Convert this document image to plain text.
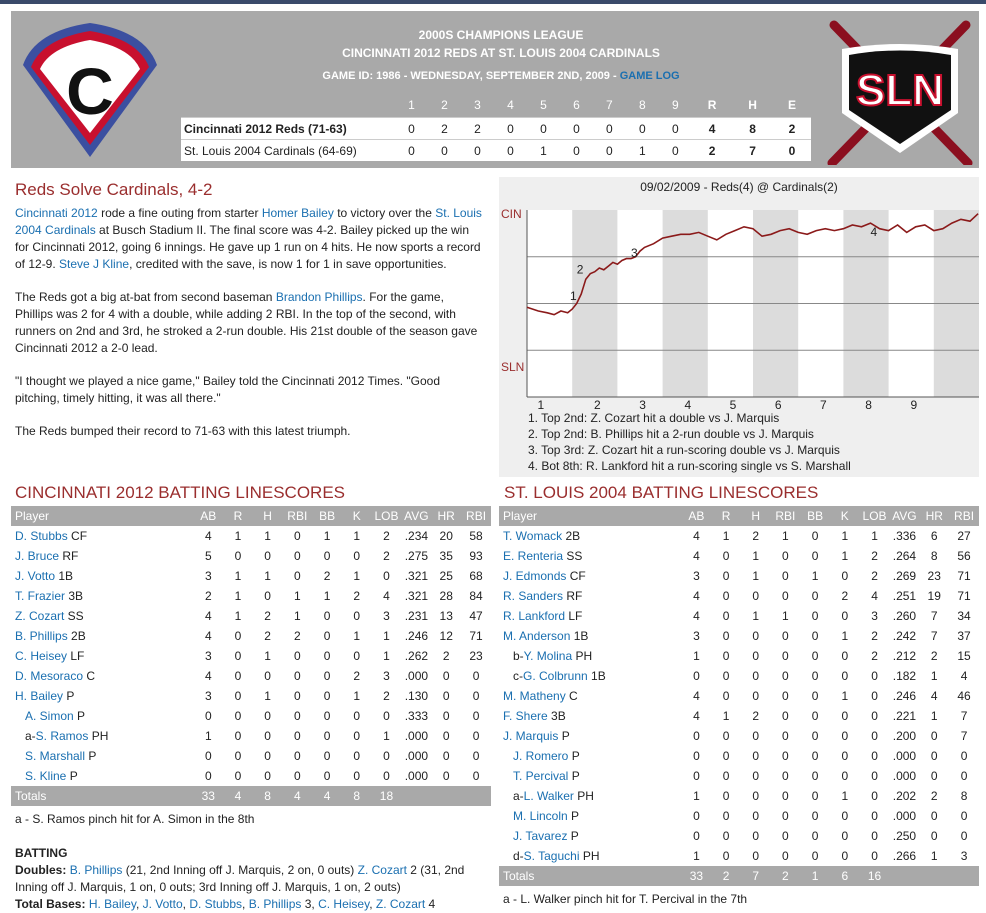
C
2000S CHAMPIONS LEAGUE
CINCINNATI 2012 REDS AT ST. LOUIS 2004 CARDINALS
GAME ID: 1986 - WEDNESDAY, SEPTEMBER 2ND, 2009 - GAME LOG
	1	2	3	4	5	6	7	8	9	R	H	E
Cincinnati 2012 Reds (71-63)	0	2	2	0	0	0	0	0	0	4	8	2
St. Louis 2004 Cardinals (64-69)	0	0	0	0	1	0	0	1	0	2	7	0
SLN
Reds Solve Cardinals, 4-2

Cincinnati 2012 rode a fine outing from starter Homer Bailey to victory over the St. Louis 2004 Cardinals at Busch Stadium II. The final score was 4-2. Bailey picked up the win for Cincinnati 2012, going 6 innings. He gave up 1 run on 4 hits. He now sports a record of 12-9. Steve J Kline, credited with the save, is now 1 for 1 in save opportunities.

The Reds got a big at-bat from second baseman Brandon Phillips. For the game, Phillips was 2 for 4 with a double, while adding 2 RBI. In the top of the second, with runners on 2nd and 3rd, he stroked a 2-run double. His 21st double of the season gave Cincinnati 2012 a 2-0 lead.

"I thought we played a nice game," Bailey told the Cincinnati 2012 Times. "Good pitching, timely hitting, it was all there."

The Reds bumped their record to 71-63 with this latest triumph.

09/02/2009 - Reds(4) @ Cardinals(2)
CIN
SLN
1	2	3	4	5	6	7	8	9
1
2
3
4
1. Top 2nd: Z. Cozart hit a double vs J. Marquis
2. Top 2nd: B. Phillips hit a 2-run double vs J. Marquis
3. Top 3rd: Z. Cozart hit a run-scoring double vs J. Marquis
4. Bot 8th: R. Lankford hit a run-scoring single vs S. Marshall
CINCINNATI 2012 BATTING LINESCORES
Player	AB	R	H	RBI	BB	K	LOB	AVG	HR	RBI
D. Stubbs CF	4	1	1	0	1	1	2	.234	20	58
J. Bruce RF	5	0	0	0	0	0	2	.275	35	93
J. Votto 1B	3	1	1	0	2	1	0	.321	25	68
T. Frazier 3B	2	1	0	1	1	2	4	.321	28	84
Z. Cozart SS	4	1	2	1	0	0	3	.231	13	47
B. Phillips 2B	4	0	2	2	0	1	1	.246	12	71
C. Heisey LF	3	0	1	0	0	0	1	.262	2	23
D. Mesoraco C	4	0	0	0	0	2	3	.000	0	0
H. Bailey P	3	0	1	0	0	1	2	.130	0	0
A. Simon P	0	0	0	0	0	0	0	.333	0	0
a-S. Ramos PH	1	0	0	0	0	0	1	.000	0	0
S. Marshall P	0	0	0	0	0	0	0	.000	0	0
S. Kline P	0	0	0	0	0	0	0	.000	0	0
Totals	33	4	8	4	4	8	18			
a - S. Ramos pinch hit for A. Simon in the 8th
ST. LOUIS 2004 BATTING LINESCORES
Player	AB	R	H	RBI	BB	K	LOB	AVG	HR	RBI
T. Womack 2B	4	1	2	1	0	1	1	.336	6	27
E. Renteria SS	4	0	1	0	0	1	2	.264	8	56
J. Edmonds CF	3	0	1	0	1	0	2	.269	23	71
R. Sanders RF	4	0	0	0	0	2	4	.251	19	71
R. Lankford LF	4	0	1	1	0	0	3	.260	7	34
M. Anderson 1B	3	0	0	0	0	1	2	.242	7	37
b-Y. Molina PH	1	0	0	0	0	0	2	.212	2	15
c-G. Colbrunn 1B	0	0	0	0	0	0	0	.182	1	4
M. Matheny C	4	0	0	0	0	1	0	.246	4	46
F. Shere 3B	4	1	2	0	0	0	0	.221	1	7
J. Marquis P	0	0	0	0	0	0	0	.200	0	7
J. Romero P	0	0	0	0	0	0	0	.000	0	0
T. Percival P	0	0	0	0	0	0	0	.000	0	0
a-L. Walker PH	1	0	0	0	0	1	0	.202	2	8
M. Lincoln P	0	0	0	0	0	0	0	.000	0	0
J. Tavarez P	0	0	0	0	0	0	0	.250	0	0
d-S. Taguchi PH	1	0	0	0	0	0	0	.266	1	3
Totals	33	2	7	2	1	6	16			
a - L. Walker pinch hit for T. Percival in the 7th
BATTING
Doubles: B. Phillips (21, 2nd Inning off J. Marquis, 2 on, 0 outs) Z. Cozart 2 (31, 2nd Inning off J. Marquis, 1 on, 0 outs; 3rd Inning off J. Marquis, 1 on, 2 outs)
Total Bases: H. Bailey, J. Votto, D. Stubbs, B. Phillips 3, C. Heisey, Z. Cozart 4
